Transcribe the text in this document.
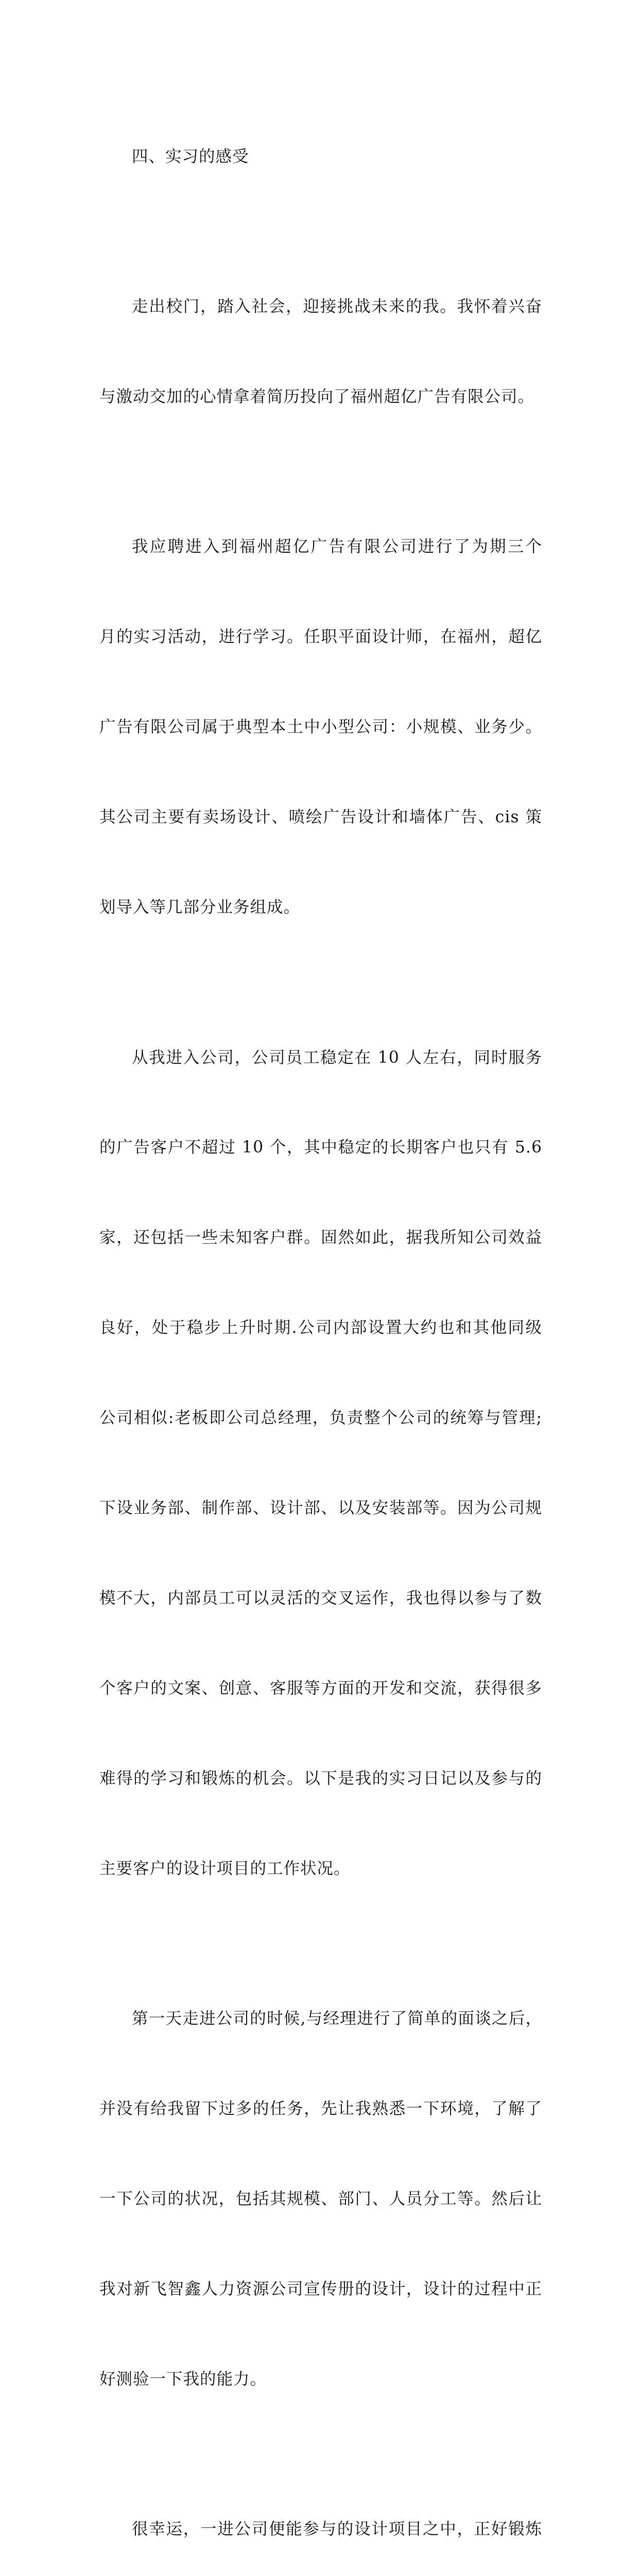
四、实习的感受

走出校门，踏入社会，迎接挑战未来的我。我怀着兴奋

与激动交加的心情拿着简历投向了福州超亿广告有限公司。

我应聘进入到福州超亿广告有限公司进行了为期三个

月的实习活动，进行学习。任职平面设计师，在福州，超亿

广告有限公司属于典型本土中小型公司：小规模、业务少。

其公司主要有卖场设计、喷绘广告设计和墙体广告、cis 策

划导入等几部分业务组成。

从我进入公司，公司员工稳定在 10 人左右，同时服务

的广告客户不超过 10 个，其中稳定的长期客户也只有 5.6

家，还包括一些未知客户群。固然如此，据我所知公司效益

良好，处于稳步上升时期.公司内部设置大约也和其他同级

公司相似:老板即公司总经理，负责整个公司的统筹与管理;

下设业务部、制作部、设计部、以及安装部等。因为公司规

模不大，内部员工可以灵活的交叉运作，我也得以参与了数

个客户的文案、创意、客服等方面的开发和交流，获得很多

难得的学习和锻炼的机会。以下是我的实习日记以及参与的

主要客户的设计项目的工作状况。

第一天走进公司的时候,与经理进行了简单的面谈之后，

并没有给我留下过多的任务，先让我熟悉一下环境，了解了

一下公司的状况，包括其规模、部门、人员分工等。然后让

我对新飞智鑫人力资源公司宣传册的设计，设计的过程中正

好测验一下我的能力。

很幸运，一进公司便能参与的设计项目之中，正好锻炼
